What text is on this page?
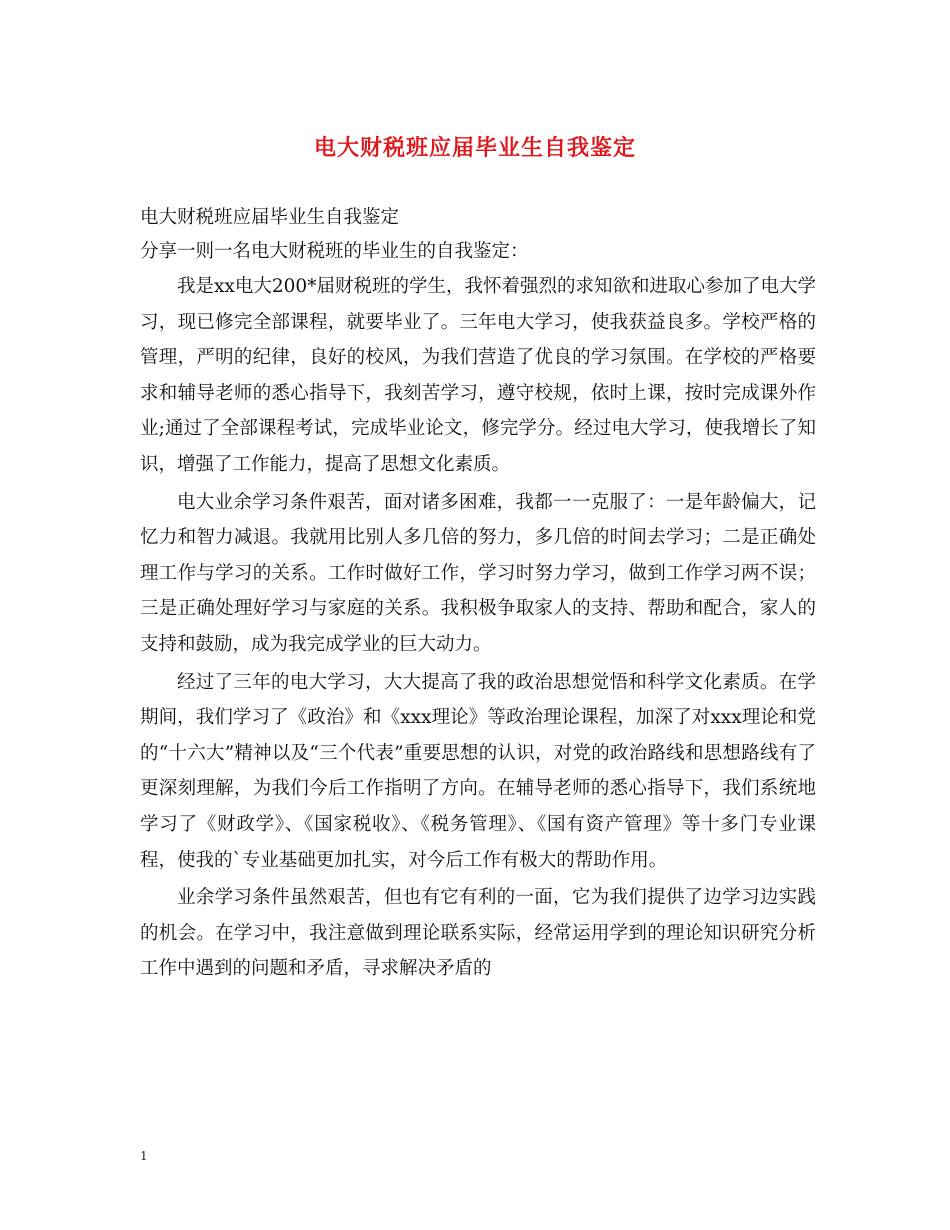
电大财税班应届毕业生自我鉴定

电大财税班应届毕业生自我鉴定

分享一则一名电大财税班的毕业生的自我鉴定：

我是xx电大200*届财税班的学生，我怀着强烈的求知欲和进取心参加了电大学习，现已修完全部课程，就要毕业了。三年电大学习，使我获益良多。学校严格的管理，严明的纪律，良好的校风，为我们营造了优良的学习氛围。在学校的严格要求和辅导老师的悉心指导下，我刻苦学习，遵守校规，依时上课，按时完成课外作业;通过了全部课程考试，完成毕业论文，修完学分。经过电大学习，使我增长了知识，增强了工作能力，提高了思想文化素质。

电大业余学习条件艰苦，面对诸多困难，我都一一克服了：一是年龄偏大，记忆力和智力减退。我就用比别人多几倍的努力，多几倍的时间去学习；二是正确处理工作与学习的关系。工作时做好工作，学习时努力学习，做到工作学习两不误；三是正确处理好学习与家庭的关系。我积极争取家人的支持、帮助和配合，家人的支持和鼓励，成为我完成学业的巨大动力。

经过了三年的电大学习，大大提高了我的政治思想觉悟和科学文化素质。在学期间，我们学习了《政治》和《xxx理论》等政治理论课程，加深了对xxx理论和党的“十六大”精神以及“三个代表”重要思想的认识，对党的政治路线和思想路线有了更深刻理解，为我们今后工作指明了方向。在辅导老师的悉心指导下，我们系统地学习了《财政学》、《国家税收》、《税务管理》、《国有资产管理》等十多门专业课程，使我的`专业基础更加扎实，对今后工作有极大的帮助作用。

业余学习条件虽然艰苦，但也有它有利的一面，它为我们提供了边学习边实践的机会。在学习中，我注意做到理论联系实际，经常运用学到的理论知识研究分析工作中遇到的问题和矛盾，寻求解决矛盾的

1
